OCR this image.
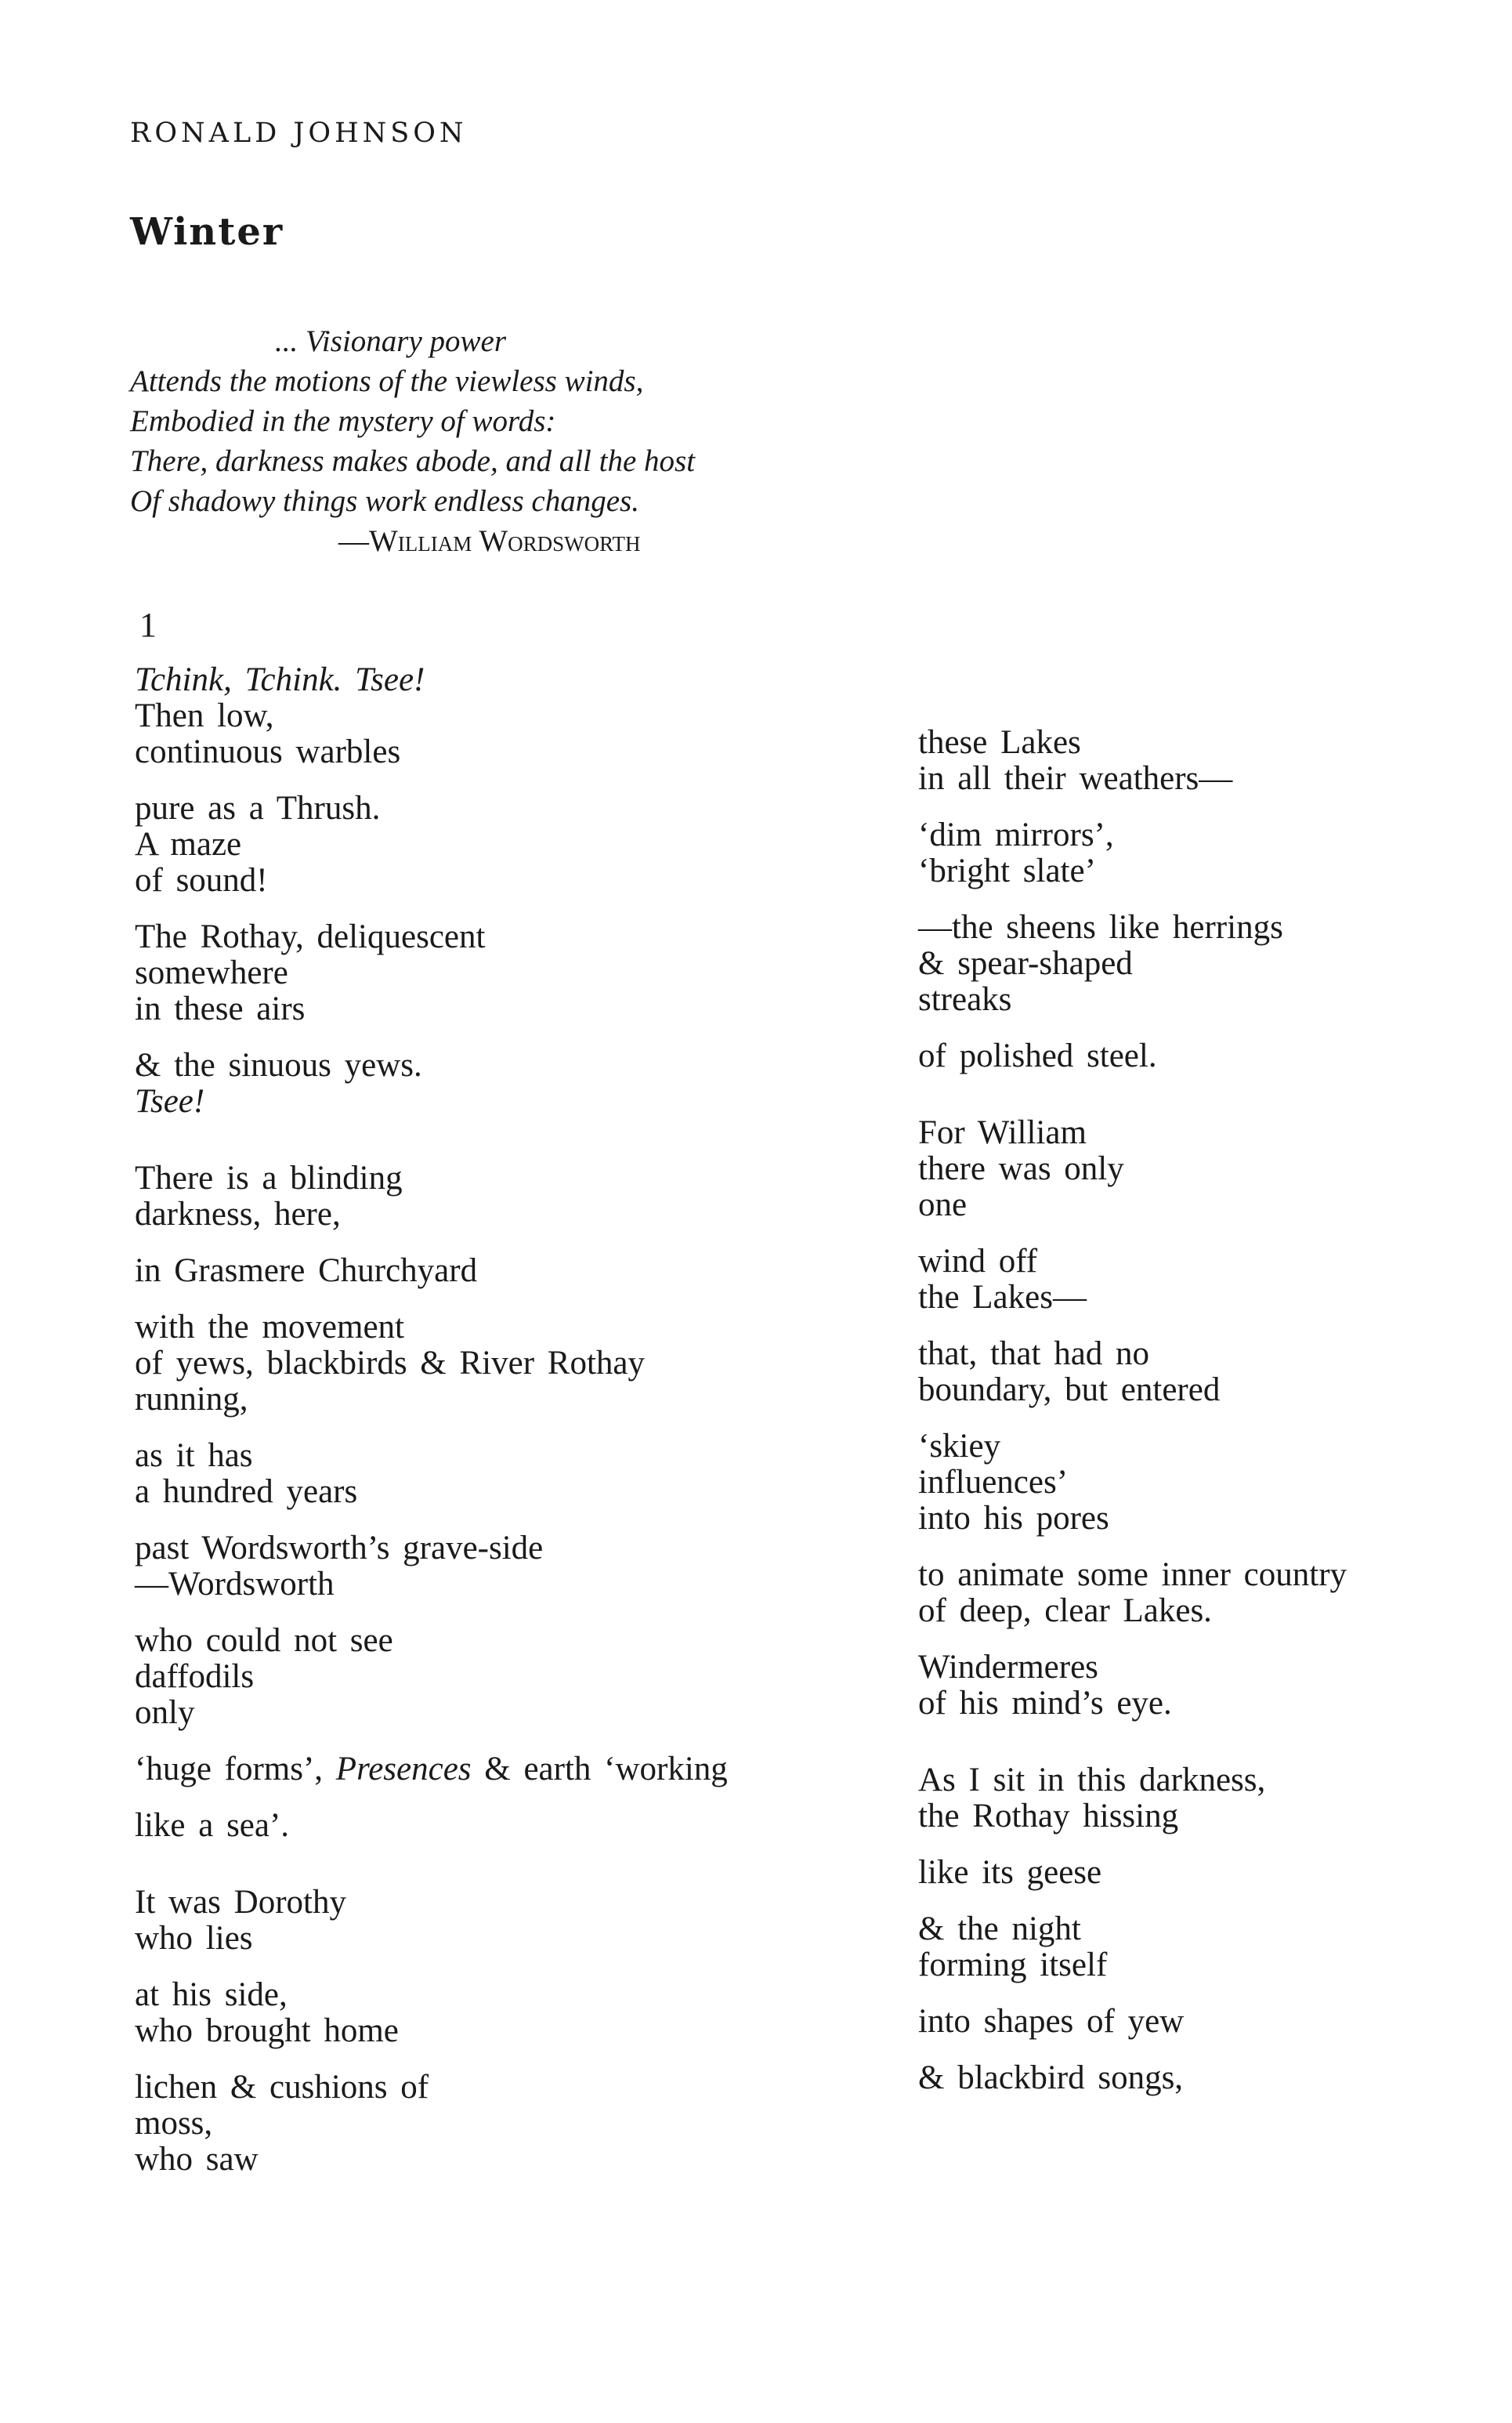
RONALD JOHNSON
Winter
... Visionary power
Attends the motions of the viewless winds,
Embodied in the mystery of words:
There, darkness makes abode, and all the host
Of shadowy things work endless changes.
—William Wordsworth
1
Tchink, Tchink. Tsee!
Then low,
continuous warbles
pure as a Thrush.
A maze
of sound!
The Rothay, deliquescent
somewhere
in these airs
& the sinuous yews.
Tsee!
There is a blinding
darkness, here,
in Grasmere Churchyard
with the movement
of yews, blackbirds & River Rothay
running,
as it has
a hundred years
past Wordsworth’s grave-side
—Wordsworth
who could not see
daffodils
only
‘huge forms’, Presences & earth ‘working
like a sea’.
It was Dorothy
who lies
at his side,
who brought home
lichen & cushions of
moss,
who saw
these Lakes
in all their weathers—
‘dim mirrors’,
‘bright slate’
—the sheens like herrings
& spear-shaped
streaks
of polished steel.
For William
there was only
one
wind off
the Lakes—
that, that had no
boundary, but entered
‘skiey
influences’
into his pores
to animate some inner country
of deep, clear Lakes.
Windermeres
of his mind’s eye.
As I sit in this darkness,
the Rothay hissing
like its geese
& the night
forming itself
into shapes of yew
& blackbird songs,
